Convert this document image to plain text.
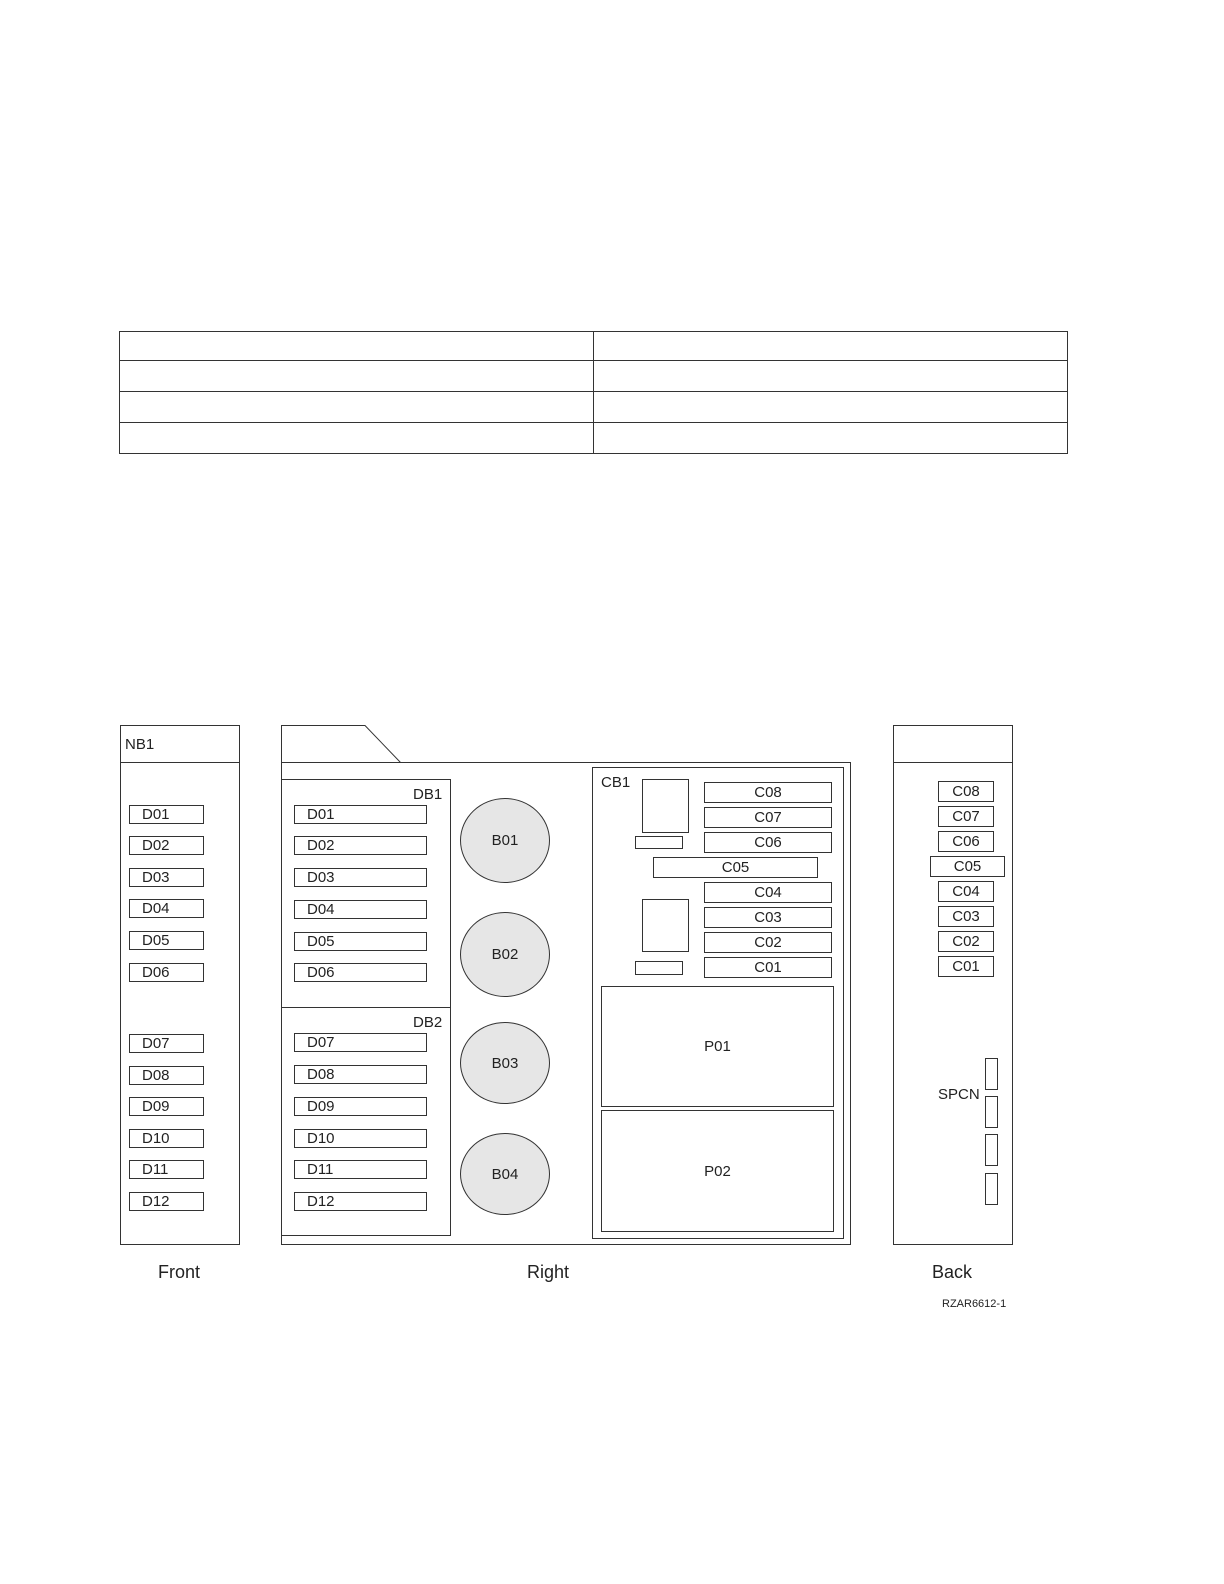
NB1
D01
D02
D03
D04
D05
D06
D07
D08
D09
D10
D11
D12
Front
DB1
D01
D02
D03
D04
D05
D06
DB2
D07
D08
D09
D10
D11
D12
B01
B02
B03
B04
CB1
C08
C07
C06
C05
C04
C03
C02
C01
P01
P02
Right
C08
C07
C06
C05
C04
C03
C02
C01
SPCN
Back
RZAR6612-1
